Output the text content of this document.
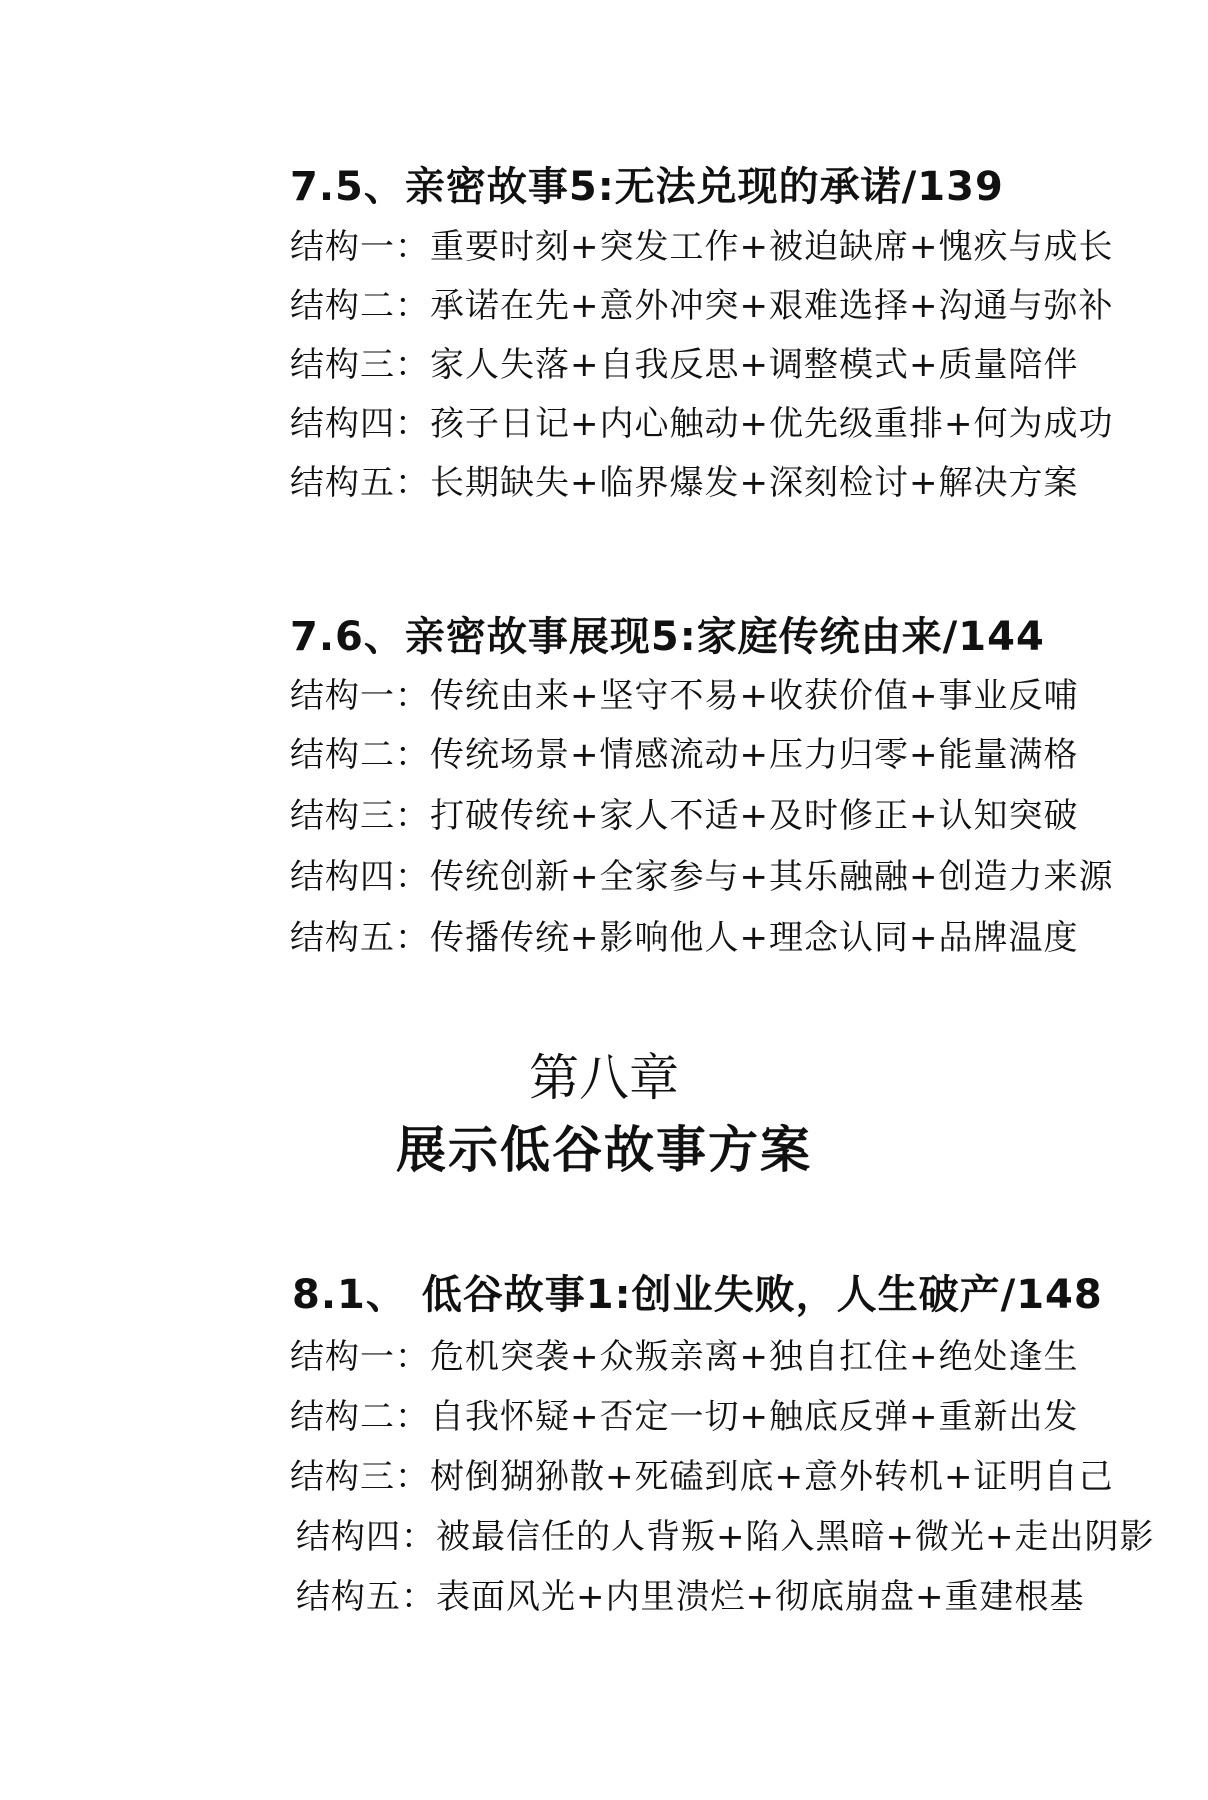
7.5、亲密故事5:无法兑现的承诺/139
结构一：重要时刻+突发工作+被迫缺席+愧疚与成长
结构二：承诺在先+意外冲突+艰难选择+沟通与弥补
结构三：家人失落+自我反思+调整模式+质量陪伴
结构四：孩子日记+内心触动+优先级重排+何为成功
结构五：长期缺失+临界爆发+深刻检讨+解决方案
7.6、亲密故事展现5:家庭传统由来/144
结构一：传统由来+坚守不易+收获价值+事业反哺
结构二：传统场景+情感流动+压力归零+能量满格
结构三：打破传统+家人不适+及时修正+认知突破
结构四：传统创新+全家参与+其乐融融+创造力来源
结构五：传播传统+影响他人+理念认同+品牌温度
第八章
展示低谷故事方案
8.1、 低谷故事1:创业失败，人生破产/148
结构一：危机突袭+众叛亲离+独自扛住+绝处逢生
结构二：自我怀疑+否定一切+触底反弹+重新出发
结构三：树倒猢狲散+死磕到底+意外转机+证明自己
结构四：被最信任的人背叛+陷入黑暗+微光+走出阴影
结构五：表面风光+内里溃烂+彻底崩盘+重建根基
